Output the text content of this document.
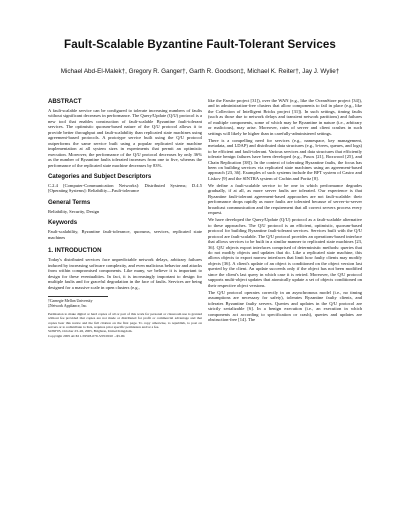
Fault-Scalable Byzantine Fault-Tolerant Services
Michael Abd-El-Malek†, Gregory R. Ganger†, Garth R. Goodson‡, Michael K. Reiter†, Jay J. Wylie†
ABSTRACT

A fault-scalable service can be configured to tolerate increasing numbers of faults without significant decreases in performance. The Query/Update (Q/U) protocol is a new tool that enables construction of fault-scalable Byzantine fault-tolerant services. The optimistic quorum-based nature of the Q/U protocol allows it to provide better throughput and fault-scalability than replicated state machines using agreement-based protocols. A prototype service built using the Q/U protocol outperforms the same service built using a popular replicated state machine implementation at all system sizes in experiments that permit an optimistic execution. Moreover, the performance of the Q/U protocol decreases by only 36% as the number of Byzantine faults tolerated increases from one to five, whereas the performance of the replicated state machine decreases by 83%.

Categories and Subject Descriptors

C.2.4 [Computer-Communication Networks]: Distributed Systems; D.4.5 [Operating Systems]: Reliability—Fault-tolerance

General Terms

Reliability, Security, Design

Keywords

Fault-scalability, Byzantine fault-tolerance, quorums, services, replicated state machines

1. INTRODUCTION

Today's distributed services face unpredictable network delays, arbitrary failures induced by increasing software complexity, and even malicious behavior and attacks from within compromised components. Like many, we believe it is important to design for these eventualities. In fact, it is increasingly important to design for multiple faults and for graceful degradation in the face of faults. Services are being designed for a massive scale in open clusters (e.g.,

†Carnegie Mellon University

‡Network Appliance, Inc.

Permission to make digital or hard copies of all or part of this work for personal or classroom use is granted without fee provided that copies are not made or distributed for profit or commercial advantage and that copies bear this notice and the full citation on the first page. To copy otherwise, to republish, to post on servers or to redistribute to lists, requires prior specific permission and/or a fee.

SOSP'05, October 23–26, 2005, Brighton, United Kingdom.

Copyright 2005 ACM 1-59593-079-5/05/0010 ...$5.00.

like the Farsite project [31]), over the WAN (e.g., like the OceanStore project [34]), and in administration-free clusters that allow components to fail in place (e.g., like the Collection of Intelligent Bricks project [31]). In such settings, timing faults (such as those due to network delays and transient network partitions) and failures of multiple components, some of which may be Byzantine in nature (i.e., arbitrary or malicious), may arise. Moreover, rates of server and client crashes in such settings will likely be higher than in carefully-administered settings.

There is a compelling need for services (e.g., namespace, key management, metadata, and LDAP) and distributed data structures (e.g., b-trees, queues, and logs) to be efficient and fault-tolerant. Various services and data structures that efficiently tolerate benign failures have been developed (e.g., Paxos [21], Boxwood [25], and Chain Replication [38]). In the context of tolerating Byzantine faults, the focus has been on building services via replicated state machines using an agreement-based approach [23, 36]. Examples of such systems include the BFT system of Castro and Liskov [9] and the SINTRA system of Cachin and Poritz [8].

We define a fault-scalable service to be one in which performance degrades gradually, if at all, as more server faults are tolerated. Our experience is that Byzantine fault-tolerant agreement-based approaches are not fault-scalable: their performance drops rapidly as more faults are tolerated because of server-to-server broadcast communication and the requirement that all correct servers process every request.

We have developed the Query/Update (Q/U) protocol as a fault-scalable alternative to these approaches. The Q/U protocol is an efficient, optimistic, quorum-based protocol for building Byzantine fault-tolerant services. Services built with the Q/U protocol are fault-scalable. The Q/U protocol provides an operations-based interface that allows services to be built in a similar manner to replicated state machines [23, 36]. Q/U objects export interfaces comprised of deterministic methods: queries that do not modify objects and updates that do. Like a replicated state machine, this allows objects to export narrow interfaces that limit how faulty clients may modify objects [36]. A client's update of an object is conditioned on the object version last queried by the client. An update succeeds only if the object has not been modified since the client's last query in which case it is retried. Moreover, the Q/U protocol supports multi-object updates that atomically update a set of objects conditioned on their respective object versions.

The Q/U protocol operates correctly in an asynchronous model (i.e., no timing assumptions are necessary for safety), tolerates Byzantine faulty clients, and tolerates Byzantine faulty servers. Queries and updates in the Q/U protocol are strictly serializable [6]. In a benign execution (i.e., an execution in which components act according to specification or crash), queries and updates are obstruction-free [14]. The
